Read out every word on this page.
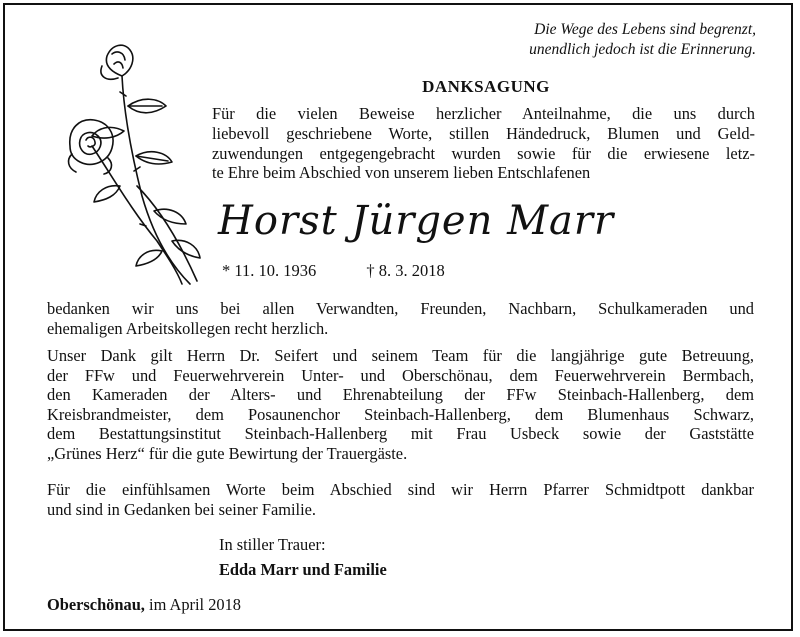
Die Wege des Lebens sind begrenzt,
unendlich jedoch ist die Erinnerung.
DANKSAGUNG
Für die vielen Beweise herzlicher Anteilnahme, die uns durch
liebevoll geschriebene Worte, stillen Händedruck, Blumen und Geld-
zuwendungen entgegengebracht wurden sowie für die erwiesene letz-
te Ehre beim Abschied von unserem lieben Entschlafenen
Horst Jürgen Marr
* 11. 10. 1936	† 8. 3. 2018
bedanken wir uns bei allen Verwandten, Freunden, Nachbarn, Schulkameraden und
ehemaligen Arbeitskollegen recht herzlich.
Unser Dank gilt Herrn Dr. Seifert und seinem Team für die langjährige gute Betreuung,
der FFw und Feuerwehrverein Unter- und Oberschönau, dem Feuerwehrverein Bermbach,
den Kameraden der Alters- und Ehrenabteilung der FFw Steinbach-Hallenberg, dem
Kreisbrandmeister, dem Posaunenchor Steinbach-Hallenberg, dem Blumenhaus Schwarz,
dem Bestattungsinstitut Steinbach-Hallenberg mit Frau Usbeck sowie der Gaststätte
„Grünes Herz“ für die gute Bewirtung der Trauergäste.
Für die einfühlsamen Worte beim Abschied sind wir Herrn Pfarrer Schmidtpott dankbar
und sind in Gedanken bei seiner Familie.
In stiller Trauer:
Edda Marr und Familie
Oberschönau, im April 2018
